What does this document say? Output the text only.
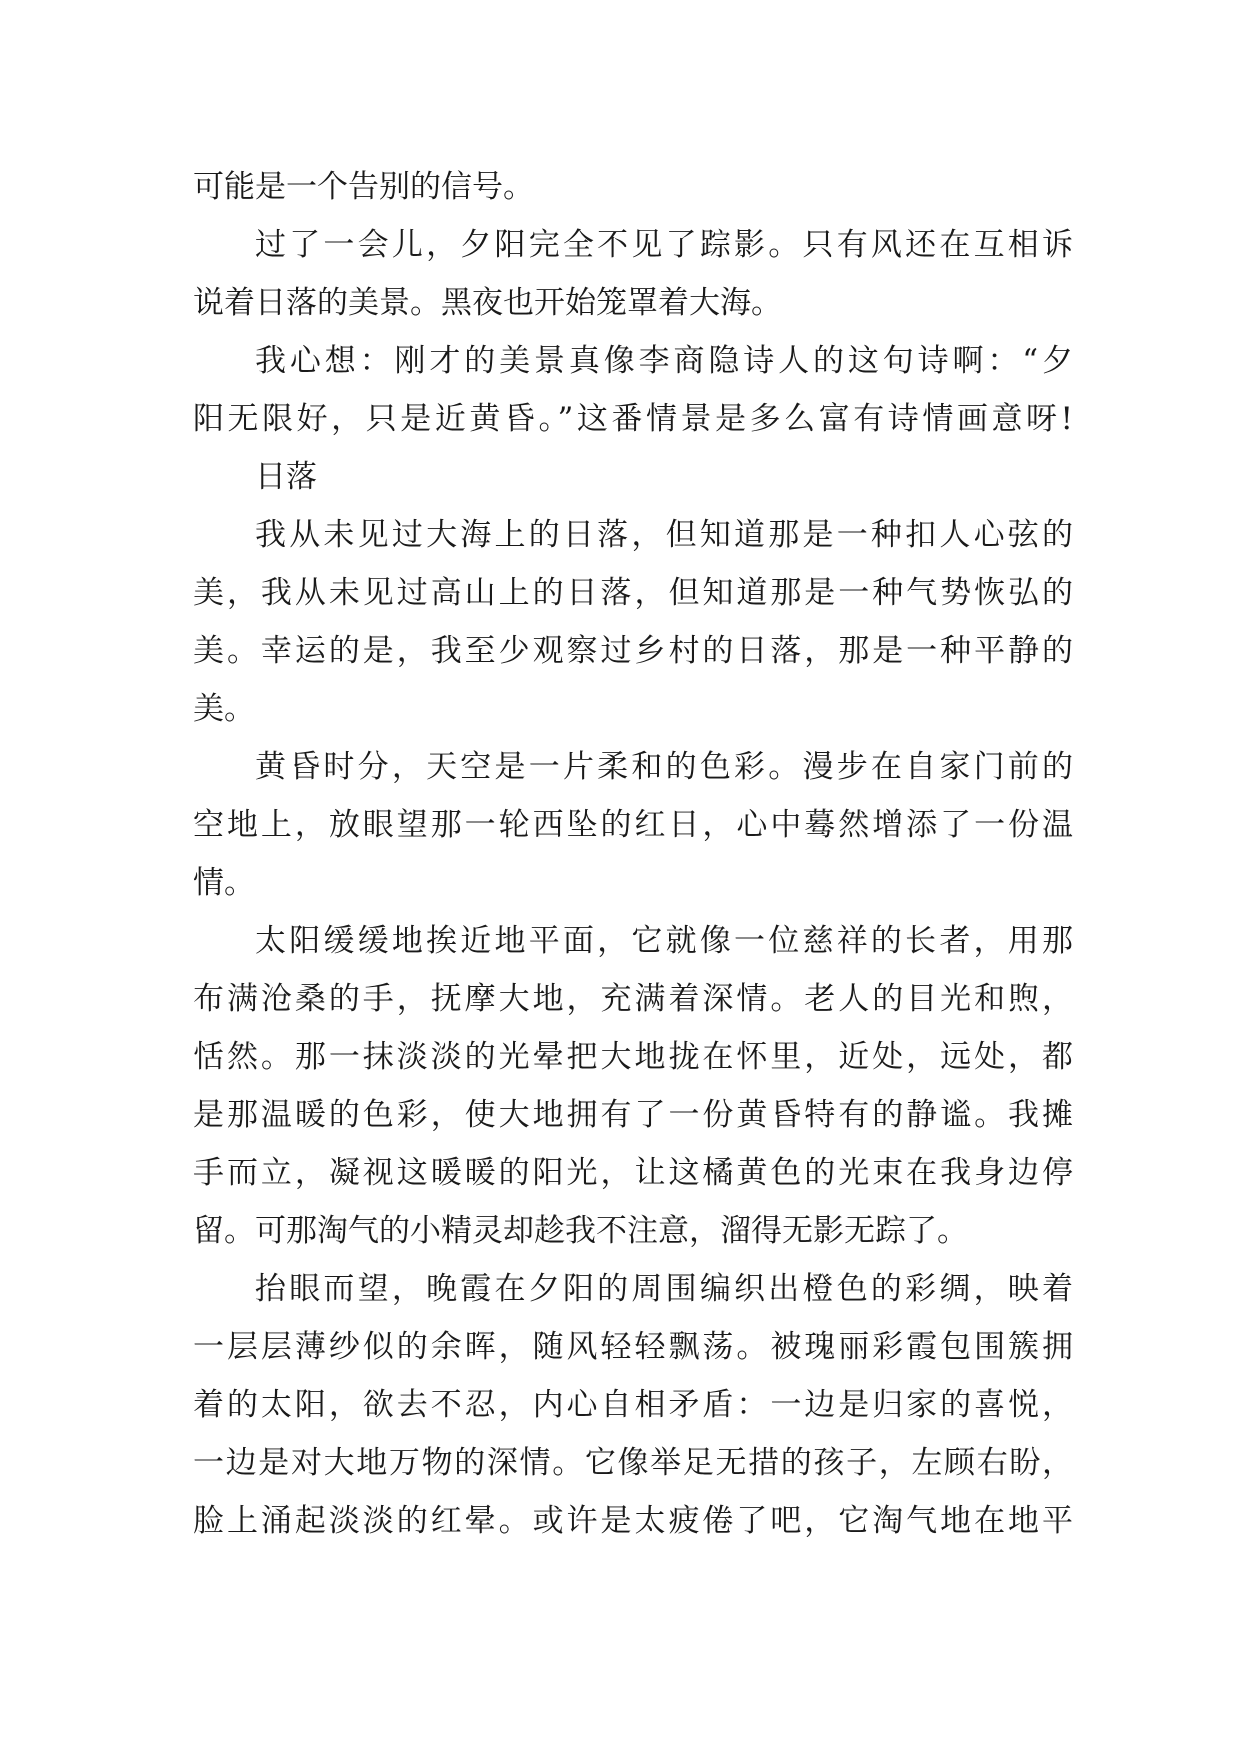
可能是一个告别的信号。
过了一会儿，夕阳完全不见了踪影。只有风还在互相诉
说着日落的美景。黑夜也开始笼罩着大海。
我心想：刚才的美景真像李商隐诗人的这句诗啊：“夕
阳无限好，只是近黄昏。”这番情景是多么富有诗情画意呀!
日落
我从未见过大海上的日落，但知道那是一种扣人心弦的
美，我从未见过高山上的日落，但知道那是一种气势恢弘的
美。幸运的是，我至少观察过乡村的日落，那是一种平静的
美。
黄昏时分，天空是一片柔和的色彩。漫步在自家门前的
空地上，放眼望那一轮西坠的红日，心中蓦然增添了一份温
情。
太阳缓缓地挨近地平面，它就像一位慈祥的长者，用那
布满沧桑的手，抚摩大地，充满着深情。老人的目光和煦，
恬然。那一抹淡淡的光晕把大地拢在怀里，近处，远处，都
是那温暖的色彩，使大地拥有了一份黄昏特有的静谧。我摊
手而立，凝视这暖暖的阳光，让这橘黄色的光束在我身边停
留。可那淘气的小精灵却趁我不注意，溜得无影无踪了。
抬眼而望，晚霞在夕阳的周围编织出橙色的彩绸，映着
一层层薄纱似的余晖，随风轻轻飘荡。被瑰丽彩霞包围簇拥
着的太阳，欲去不忍，内心自相矛盾：一边是归家的喜悦，
一边是对大地万物的深情。它像举足无措的孩子，左顾右盼，
脸上涌起淡淡的红晕。或许是太疲倦了吧，它淘气地在地平
